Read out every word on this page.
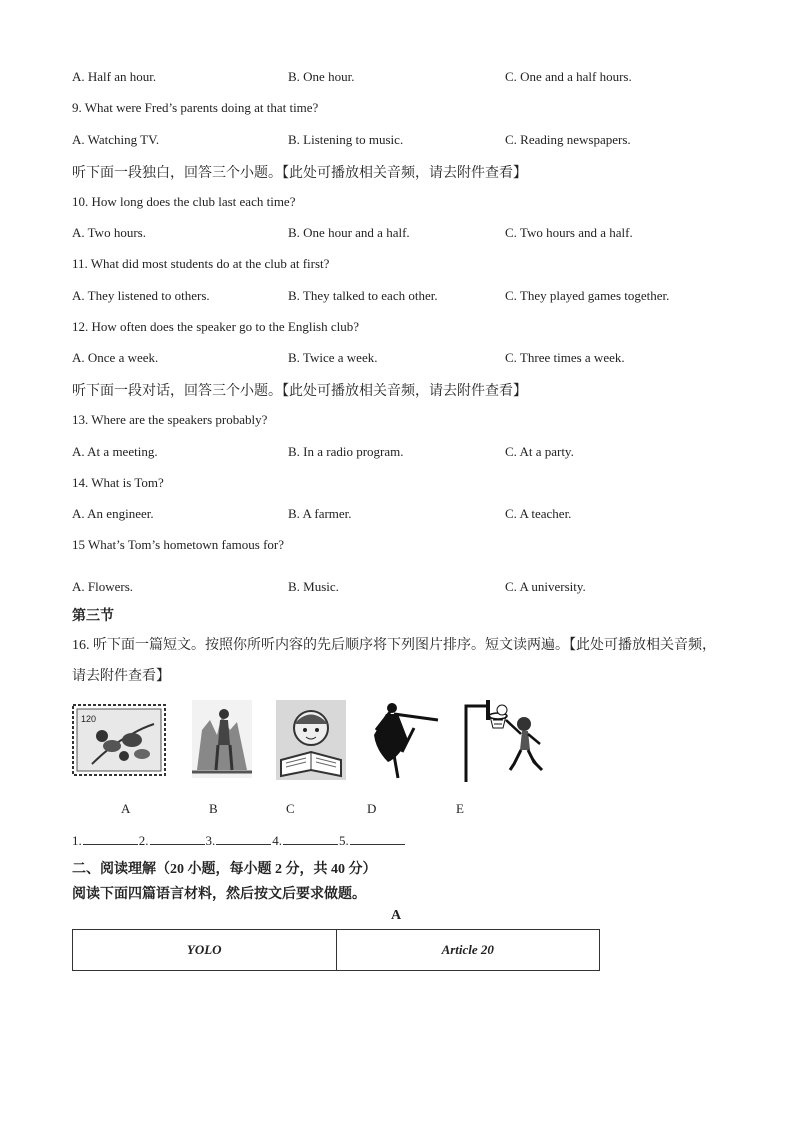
A. Half an hour.	B. One hour.	C. One and a half hours.
9. What were Fred’s parents doing at that time?
A. Watching TV.	B. Listening to music.	C. Reading newspapers.
听下面一段独白，回答三个小题。【此处可播放相关音频，请去附件查看】
10. How long does the club last each time?
A. Two hours.	B. One hour and a half.	C. Two hours and a half.
11. What did most students do at the club at first?
A. They listened to others.	B. They talked to each other.	C. They played games together.
12. How often does the speaker go to the English club?
A. Once a week.	B. Twice a week.	C. Three times a week.
听下面一段对话，回答三个小题。【此处可播放相关音频，请去附件查看】
13. Where are the speakers probably?
A. At a meeting.	B. In a radio program.	C. At a party.
14. What is Tom?
A. An engineer.	B. A farmer.	C. A teacher.
15 What’s Tom’s hometown famous for?
A. Flowers.	B. Music.	C. A university.
第三节
16. 听下面一篇短文。按照你所听内容的先后顺序将下列图片排序。短文读两遍。【此处可播放相关音频，
请去附件查看】
120
A	B	C	D	E
1.	2.	3.	4.	5.
二、阅读理解（20 小题，每小题 2 分，共 40 分）
阅读下面四篇语言材料，然后按文后要求做题。
A
YOLO	Article 20
